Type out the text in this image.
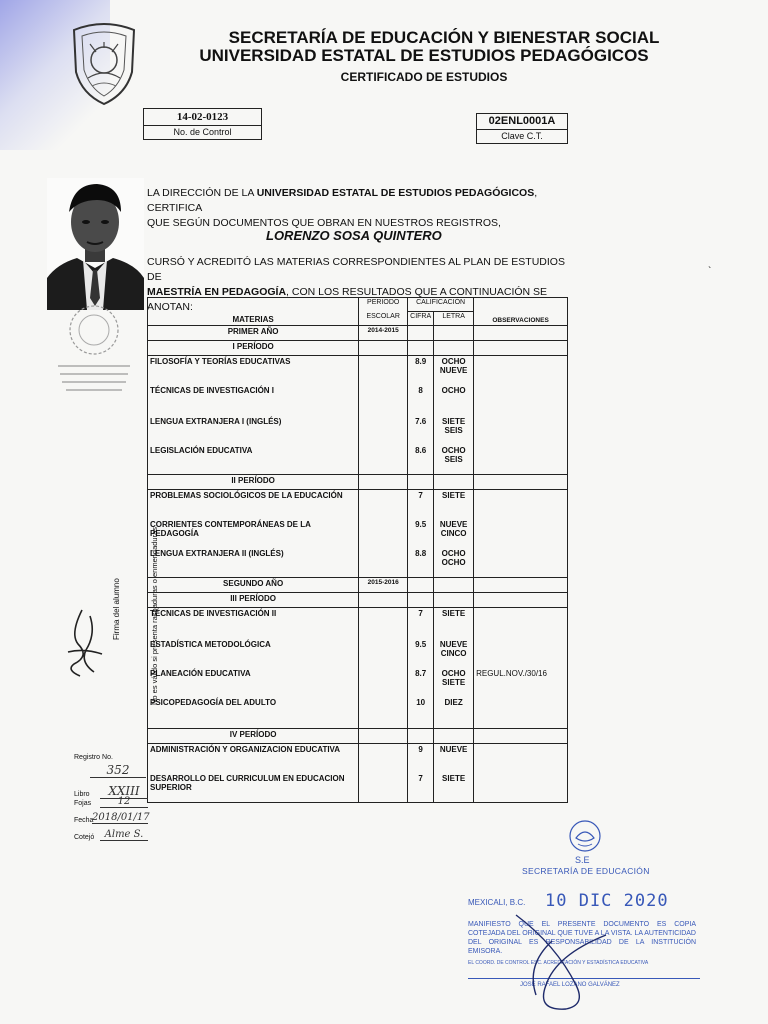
SECRETARÍA DE EDUCACIÓN Y BIENESTAR SOCIAL
UNIVERSIDAD ESTATAL DE ESTUDIOS PEDAGÓGICOS
CERTIFICADO DE ESTUDIOS
14-02-0123
No. de Control
02ENL0001A
Clave C.T.
LA DIRECCIÓN DE LA UNIVERSIDAD ESTATAL DE ESTUDIOS PEDAGÓGICOS, CERTIFICA
QUE SEGÚN DOCUMENTOS QUE OBRAN EN NUESTROS REGISTROS,
LORENZO SOSA QUINTERO
CURSÓ Y ACREDITÓ LAS MATERIAS CORRESPONDIENTES AL PLAN DE ESTUDIOS DE
MAESTRÍA EN PEDAGOGÍA, CON LOS RESULTADOS QUE A CONTINUACIÓN SE ANOTAN:
MATERIAS	PERIODO	CALIFICACIÓN		OBSERVACIONES
	ESCOLAR	CIFRA	LETRA	
PRIMER AÑO	2014-2015			
I PERÍODO				
FILOSOFÍA Y TEORÍAS EDUCATIVAS		8.9	OCHO NUEVE	
TÉCNICAS DE INVESTIGACIÓN I		8	OCHO	
LENGUA EXTRANJERA I (INGLÉS)		7.6	SIETE SEIS	
LEGISLACIÓN EDUCATIVA		8.6	OCHO SEIS	
II PERÍODO				
PROBLEMAS SOCIOLÓGICOS DE LA EDUCACIÓN		7	SIETE	
CORRIENTES CONTEMPORÁNEAS DE LA PEDAGOGÍA		9.5	NUEVE CINCO	
LENGUA EXTRANJERA II (INGLÉS)		8.8	OCHO OCHO	
SEGUNDO AÑO	2015-2016			
III PERÍODO				
TÉCNICAS DE INVESTIGACIÓN II		7	SIETE	
ESTADÍSTICA METODOLÓGICA		9.5	NUEVE CINCO	
PLANEACIÓN EDUCATIVA		8.7	OCHO SIETE	REGUL.NOV./30/16
PSICOPEDAGOGÍA DEL ADULTO		10	DIEZ	
IV PERÍODO				
ADMINISTRACIÓN Y ORGANIZACION EDUCATIVA		9	NUEVE	
DESARROLLO DEL CURRICULUM EN EDUCACION SUPERIOR		7	SIETE	
Firma del alumno	No es válido si presenta raspaduras o enmendaduras
Registro No.
352
Libro	XXIII
Fojas	12
Fecha
2018/01/17
Cotejó	Alme S.
S.E
SECRETARÍA DE EDUCACIÓN
MEXICALI, B.C. 10 DIC 2020
MANIFIESTO QUE EL PRESENTE DOCUMENTO ES COPIA COTEJADA DEL ORIGINAL QUE TUVE A LA VISTA. LA AUTENTICIDAD DEL ORIGINAL ES RESPONSABILIDAD DE LA INSTITUCIÓN EMISORA.
EL COORD. DE CONTROL ESC. ACREDITACIÓN Y ESTADÍSTICA EDUCATIVA
JOSÉ RAFAEL LOZANO GALVÁNEZ
`
